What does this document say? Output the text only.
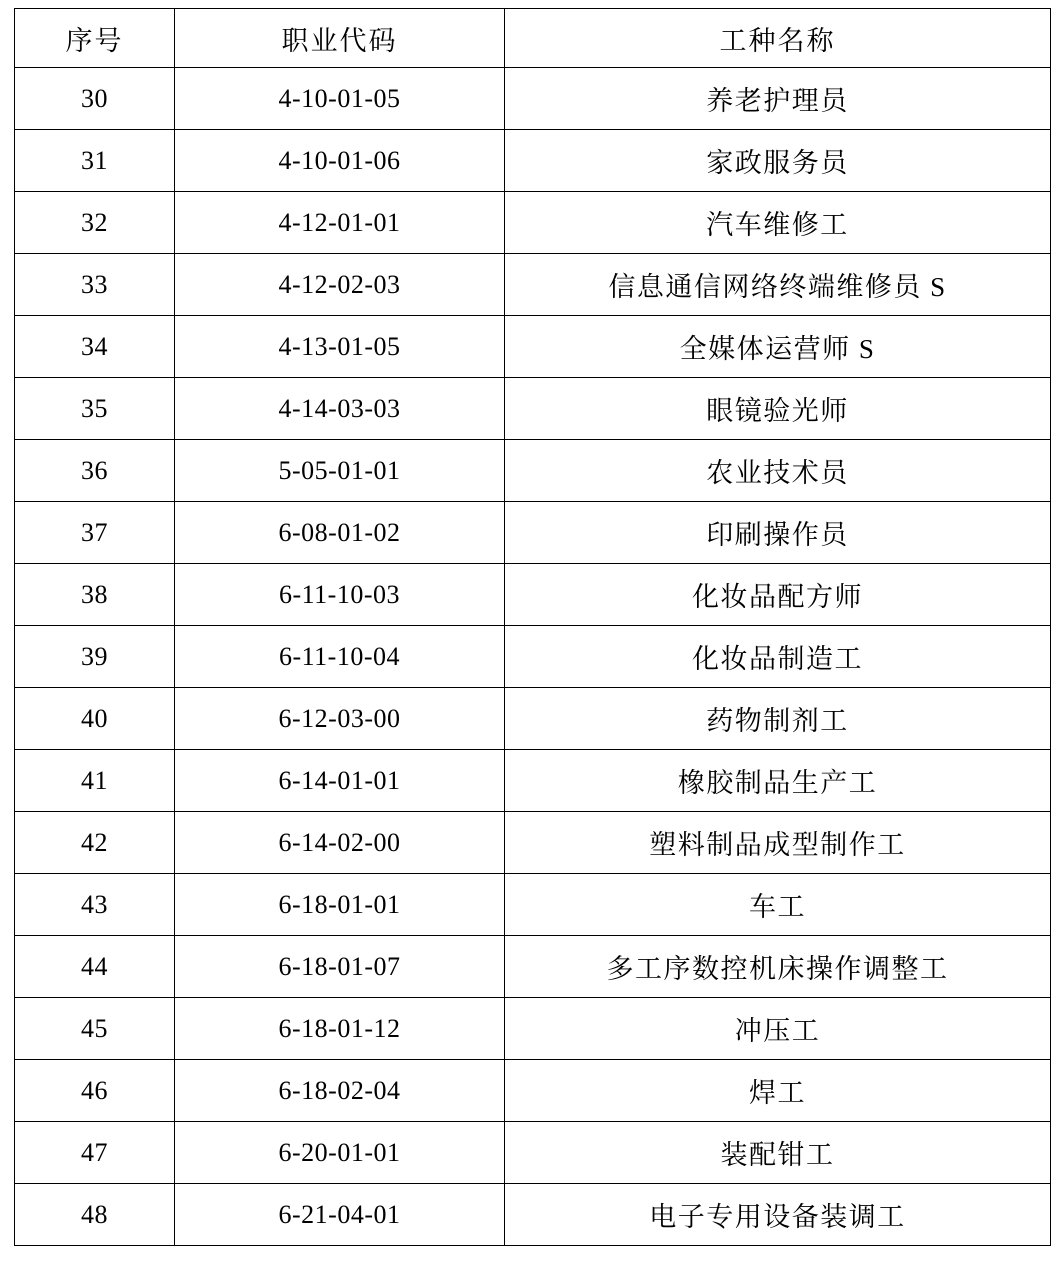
序号	职业代码	工种名称
30	4-10-01-05	养老护理员
31	4-10-01-06	家政服务员
32	4-12-01-01	汽车维修工
33	4-12-02-03	信息通信网络终端维修员 S
34	4-13-01-05	全媒体运营师 S
35	4-14-03-03	眼镜验光师
36	5-05-01-01	农业技术员
37	6-08-01-02	印刷操作员
38	6-11-10-03	化妆品配方师
39	6-11-10-04	化妆品制造工
40	6-12-03-00	药物制剂工
41	6-14-01-01	橡胶制品生产工
42	6-14-02-00	塑料制品成型制作工
43	6-18-01-01	车工
44	6-18-01-07	多工序数控机床操作调整工
45	6-18-01-12	冲压工
46	6-18-02-04	焊工
47	6-20-01-01	装配钳工
48	6-21-04-01	电子专用设备装调工
